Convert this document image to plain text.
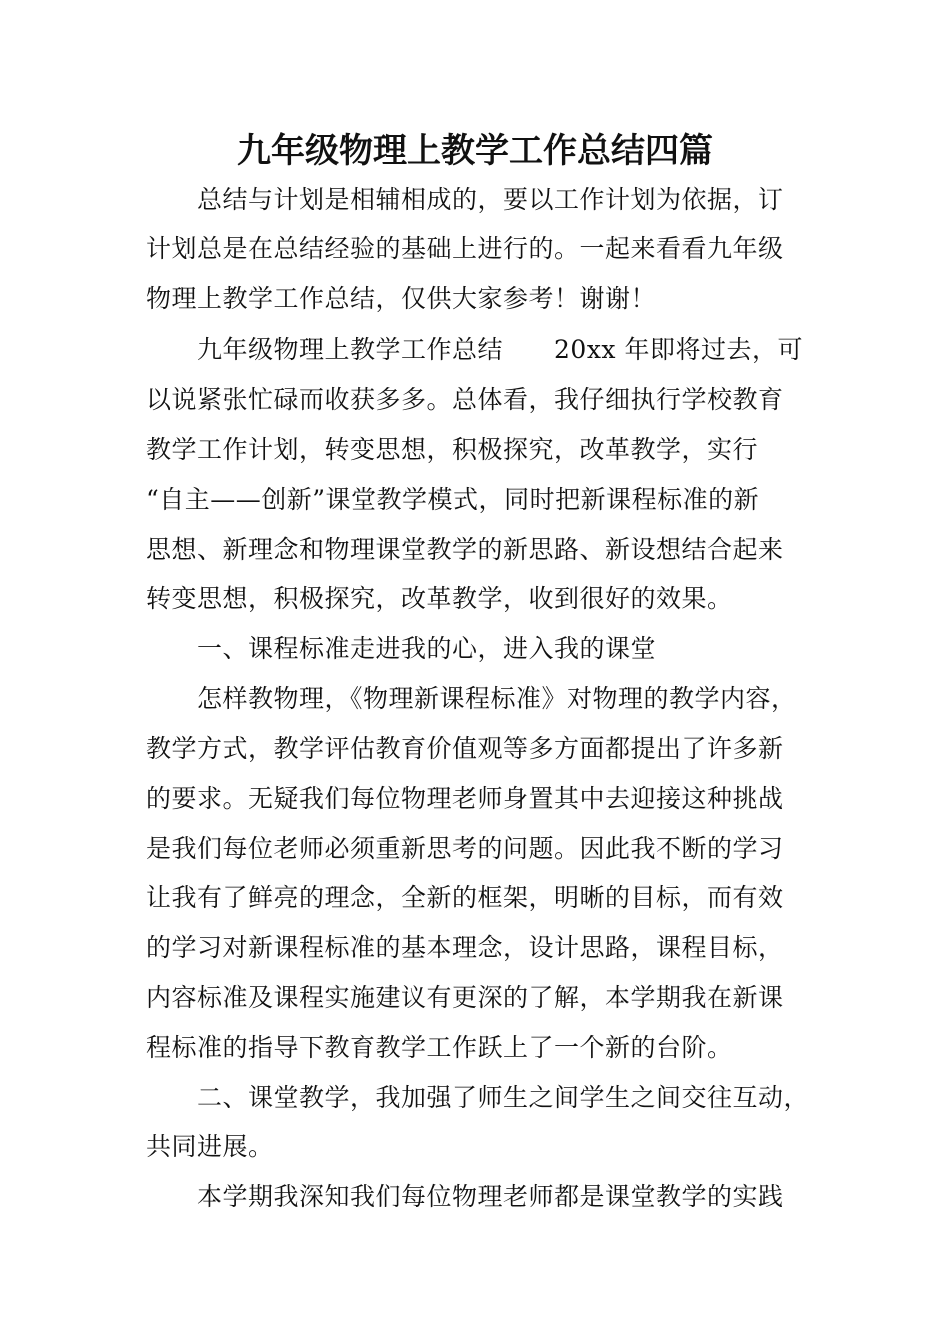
九年级物理上教学工作总结四篇
总结与计划是相辅相成的，要以工作计划为依据，订
计划总是在总结经验的基础上进行的。一起来看看九年级
物理上教学工作总结，仅供大家参考！谢谢！
九年级物理上教学工作总结　　20xx 年即将过去，可
以说紧张忙碌而收获多多。总体看，我仔细执行学校教育
教学工作计划，转变思想，积极探究，改革教学，实行
“自主——创新”课堂教学模式，同时把新课程标准的新
思想、新理念和物理课堂教学的新思路、新设想结合起来
转变思想，积极探究，改革教学，收到很好的效果。
一、课程标准走进我的心，进入我的课堂
怎样教物理，《物理新课程标准》对物理的教学内容，
教学方式，教学评估教育价值观等多方面都提出了许多新
的要求。无疑我们每位物理老师身置其中去迎接这种挑战
是我们每位老师必须重新思考的问题。因此我不断的学习
让我有了鲜亮的理念，全新的框架，明晰的目标，而有效
的学习对新课程标准的基本理念，设计思路，课程目标，
内容标准及课程实施建议有更深的了解，本学期我在新课
程标准的指导下教育教学工作跃上了一个新的台阶。
二、课堂教学，我加强了师生之间学生之间交往互动，
共同进展。
本学期我深知我们每位物理老师都是课堂教学的实践
